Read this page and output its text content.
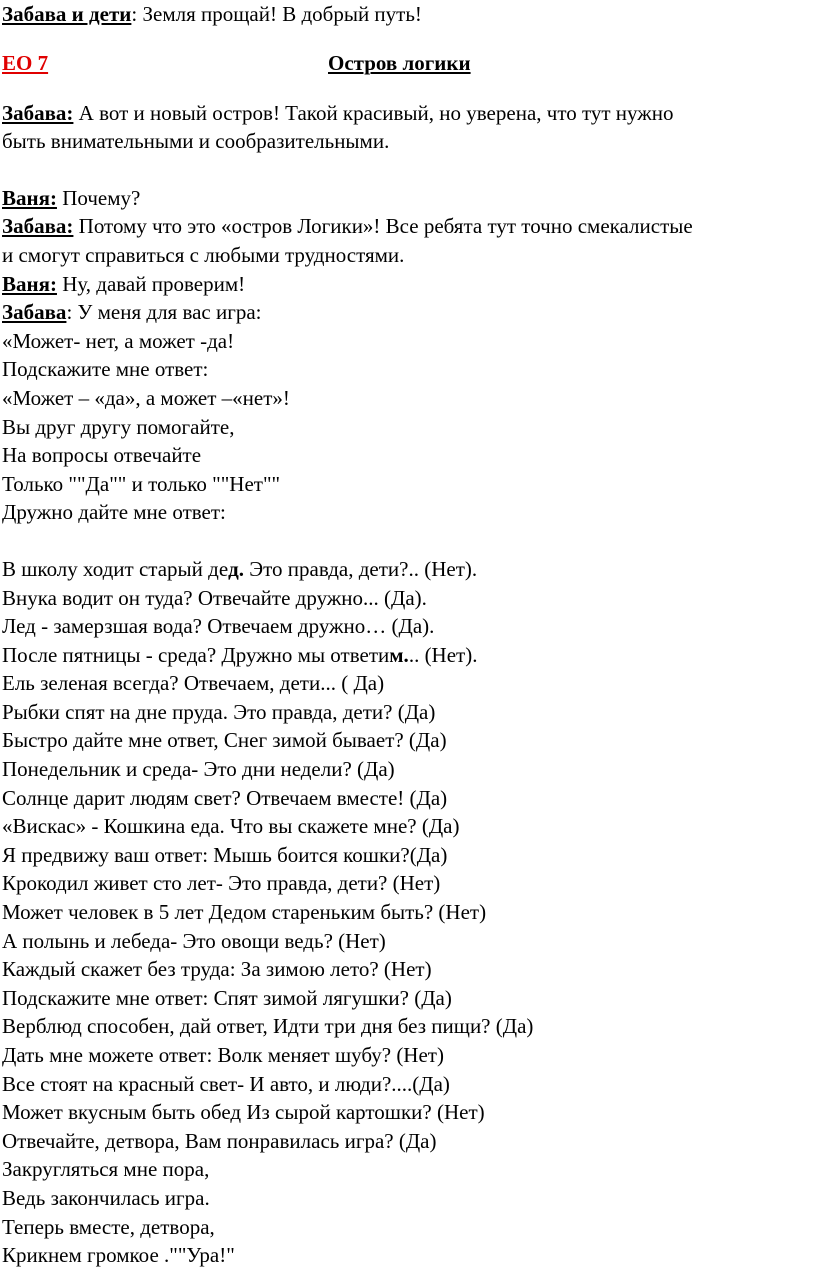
Забава и дети: Земля прощай! В добрый путь!
ЕО 7	Остров логики
Забава: А вот и новый остров! Такой красивый, но уверена, что тут нужно
быть внимательными и сообразительными.
Ваня: Почему?
Забава: Потому что это «остров Логики»! Все ребята тут точно смекалистые
и смогут справиться с любыми трудностями.
Ваня: Ну, давай проверим!
Забава: У меня для вас игра:
«Может- нет, а может -да!
Подскажите мне ответ:
«Может – «да», а может –«нет»!
Вы друг другу помогайте,
На вопросы отвечайте
Только ""Да"" и только ""Нет""
Дружно дайте мне ответ:
В школу ходит старый дед. Это правда, дети?.. (Нет).
Внука водит он туда? Отвечайте дружно... (Да).
Лед - замерзшая вода? Отвечаем дружно… (Да).
После пятницы - среда? Дружно мы ответим... (Нет).
Ель зеленая всегда? Отвечаем, дети... ( Да)
Рыбки спят на дне пруда. Это правда, дети? (Да)
Быстро дайте мне ответ, Снег зимой бывает? (Да)
Понедельник и среда- Это дни недели? (Да)
Солнце дарит людям свет? Отвечаем вместе! (Да)
«Вискас» - Кошкина еда. Что вы скажете мне? (Да)
Я предвижу ваш ответ: Мышь боится кошки?(Да)
Крокодил живет сто лет- Это правда, дети? (Нет)
Может человек в 5 лет Дедом стареньким быть? (Нет)
А полынь и лебеда- Это овощи ведь? (Нет)
Каждый скажет без труда: За зимою лето? (Нет)
Подскажите мне ответ: Спят зимой лягушки? (Да)
Верблюд способен, дай ответ, Идти три дня без пищи? (Да)
Дать мне можете ответ: Волк меняет шубу? (Нет)
Все стоят на красный свет- И авто, и люди?....(Да)
Может вкусным быть обед Из сырой картошки? (Нет)
Отвечайте, детвора, Вам понравилась игра? (Да)
Закругляться мне пора,
Ведь закончилась игра.
Теперь вместе, детвора,
Крикнем громкое .""Ура!"
